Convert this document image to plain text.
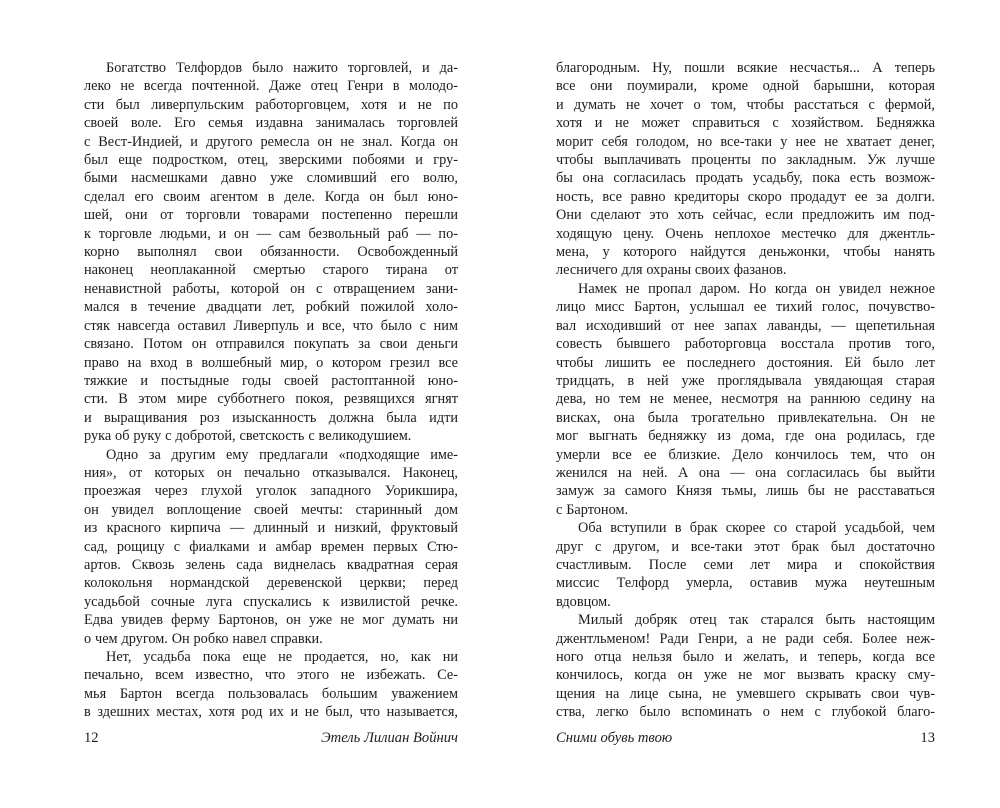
Богатство Телфордов было нажито торговлей, и да-
леко не всегда почтенной. Даже отец Генри в молодо-
сти был ливерпульским работорговцем, хотя и не по
своей воле. Его семья издавна занималась торговлей
с Вест-Индией, и другого ремесла он не знал. Когда он
был еще подростком, отец, зверскими побоями и гру-
быми насмешками давно уже сломивший его волю,
сделал его своим агентом в деле. Когда он был юно-
шей, они от торговли товарами постепенно перешли
к торговле людьми, и он — сам безвольный раб — по-
корно выполнял свои обязанности. Освобожденный
наконец неоплаканной смертью старого тирана от
ненавистной работы, которой он с отвращением зани-
мался в течение двадцати лет, робкий пожилой холо-
стяк навсегда оставил Ливерпуль и все, что было с ним
связано. Потом он отправился покупать за свои деньги
право на вход в волшебный мир, о котором грезил все
тяжкие и постыдные годы своей растоптанной юно-
сти. В этом мире субботнего покоя, резвящихся ягнят
и выращивания роз изысканность должна была идти
рука об руку с добротой, светскость с великодушием.
Одно за другим ему предлагали «подходящие име-
ния», от которых он печально отказывался. Наконец,
проезжая через глухой уголок западного Уорикшира,
он увидел воплощение своей мечты: старинный дом
из красного кирпича — длинный и низкий, фруктовый
сад, рощицу с фиалками и амбар времен первых Стю-
артов. Сквозь зелень сада виднелась квадратная серая
колокольня нормандской деревенской церкви; перед
усадьбой сочные луга спускались к извилистой речке.
Едва увидев ферму Бартонов, он уже не мог думать ни
о чем другом. Он робко навел справки.
Нет, усадьба пока еще не продается, но, как ни
печально, всем известно, что этого не избежать. Се-
мья Бартон всегда пользовалась большим уважением
в здешних местах, хотя род их и не был, что называется,
12	Этель Лилиан Войнич
благородным. Ну, пошли всякие несчастья... А теперь
все они поумирали, кроме одной барышни, которая
и думать не хочет о том, чтобы расстаться с фермой,
хотя и не может справиться с хозяйством. Бедняжка
морит себя голодом, но все-таки у нее не хватает денег,
чтобы выплачивать проценты по закладным. Уж лучше
бы она согласилась продать усадьбу, пока есть возмож-
ность, все равно кредиторы скоро продадут ее за долги.
Они сделают это хоть сейчас, если предложить им под-
ходящую цену. Очень неплохое местечко для джентль-
мена, у которого найдутся деньжонки, чтобы нанять
лесничего для охраны своих фазанов.
Намек не пропал даром. Но когда он увидел нежное
лицо мисс Бартон, услышал ее тихий голос, почувство-
вал исходивший от нее запах лаванды, — щепетильная
совесть бывшего работорговца восстала против того,
чтобы лишить ее последнего достояния. Ей было лет
тридцать, в ней уже проглядывала увядающая старая
дева, но тем не менее, несмотря на раннюю седину на
висках, она была трогательно привлекательна. Он не
мог выгнать бедняжку из дома, где она родилась, где
умерли все ее близкие. Дело кончилось тем, что он
женился на ней. А она — она согласилась бы выйти
замуж за самого Князя тьмы, лишь бы не расставаться
с Бартоном.
Оба вступили в брак скорее со старой усадьбой, чем
друг с другом, и все-таки этот брак был достаточно
счастливым. После семи лет мира и спокойствия
миссис Телфорд умерла, оставив мужа неутешным
вдовцом.
Милый добряк отец так старался быть настоящим
джентльменом! Ради Генри, а не ради себя. Более неж-
ного отца нельзя было и желать, и теперь, когда все
кончилось, когда он уже не мог вызвать краску сму-
щения на лице сына, не умевшего скрывать свои чув-
ства, легко было вспоминать о нем с глубокой благо-
Сними обувь твою	13
